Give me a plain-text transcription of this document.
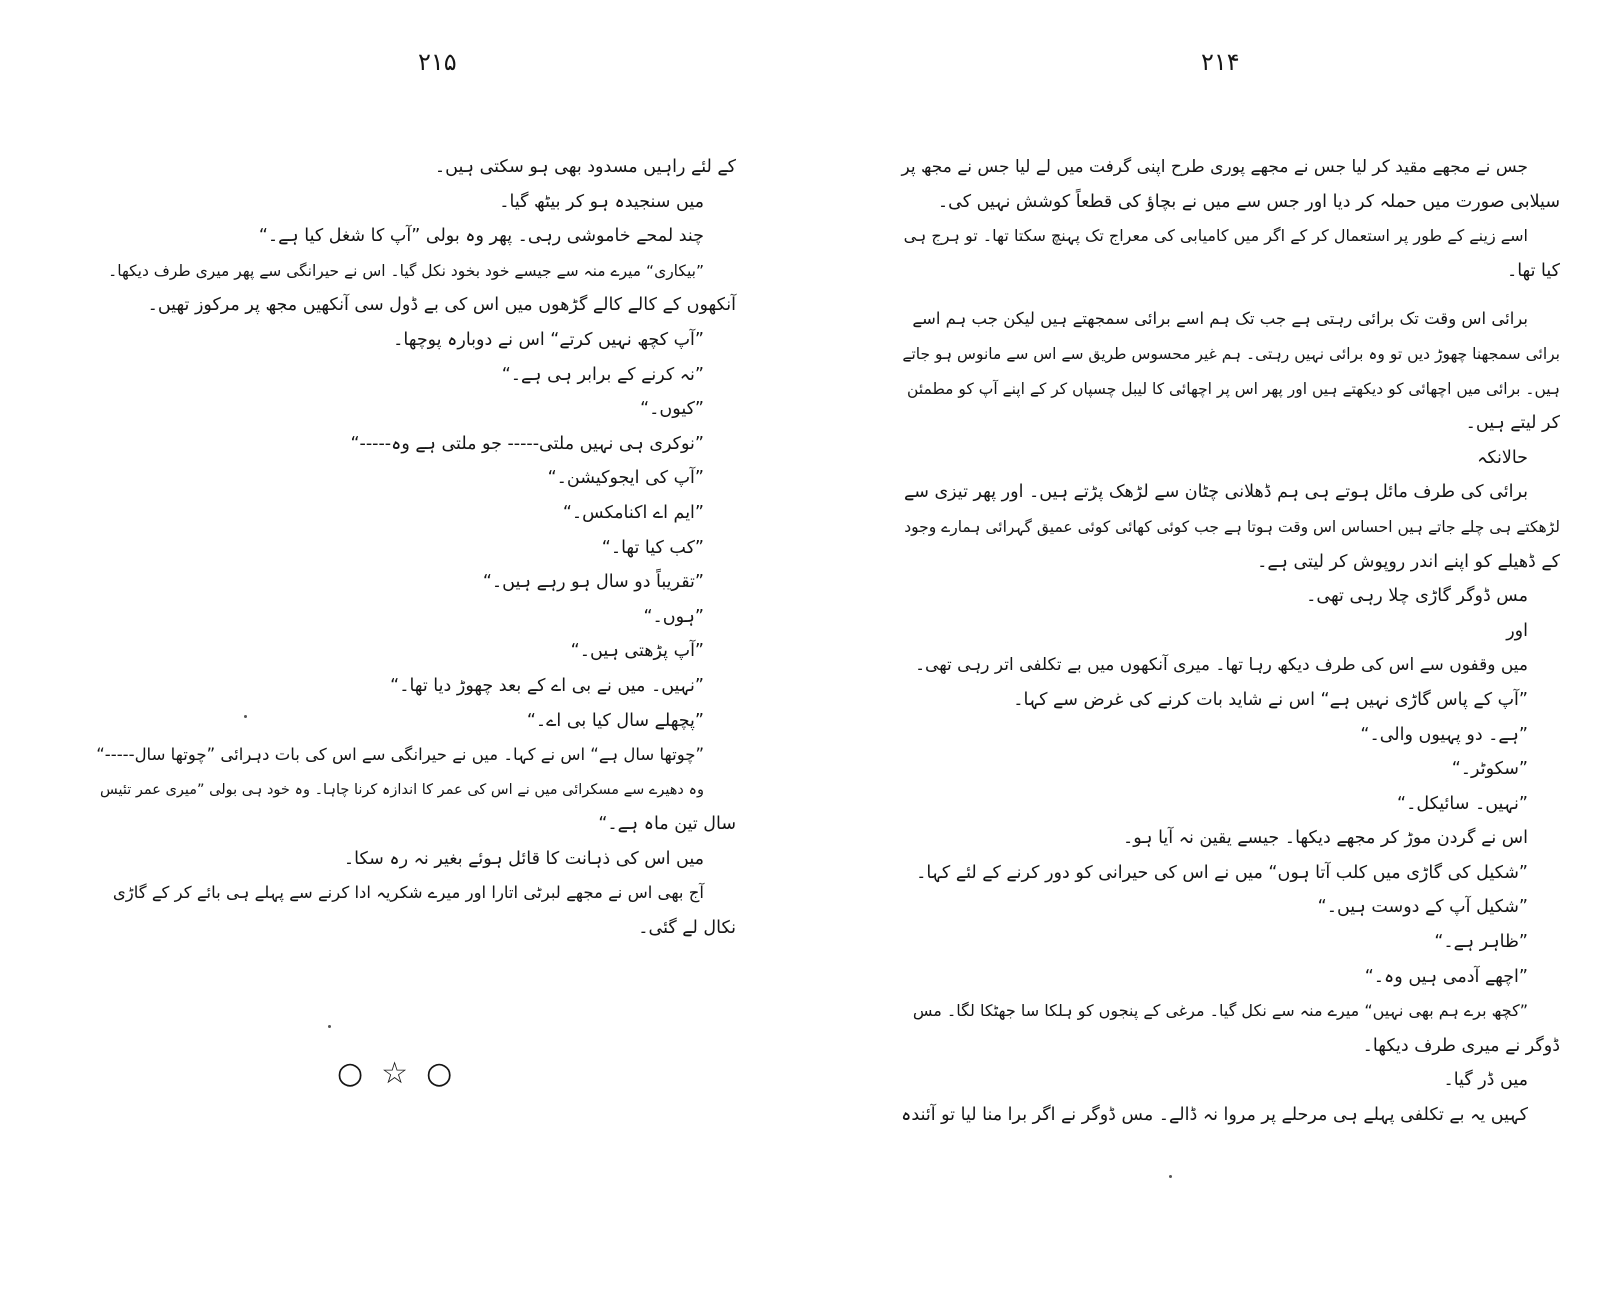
۲۱۵
کے لئے راہیں مسدود بھی ہو سکتی ہیں۔
میں سنجیدہ ہو کر بیٹھ گیا۔
چند لمحے خاموشی رہی۔ پھر وہ بولی ”آپ کا شغل کیا ہے۔“
”بیکاری“ میرے منہ سے جیسے خود بخود نکل گیا۔ اس نے حیرانگی سے پھر میری طرف دیکھا۔
آنکھوں کے کالے کالے گڑھوں میں اس کی بے ڈول سی آنکھیں مجھ پر مرکوز تھیں۔
”آپ کچھ نہیں کرتے“ اس نے دوبارہ پوچھا۔
”نہ کرنے کے برابر ہی ہے۔“
”کیوں۔“
”نوکری ہی نہیں ملتی----- جو ملتی ہے وہ-----“
”آپ کی ایجوکیشن۔“
”ایم اے اکنامکس۔“
”کب کیا تھا۔“
”تقریباً دو سال ہو رہے ہیں۔“
”ہوں۔“
”آپ پڑھتی ہیں۔“
”نہیں۔ میں نے بی اے کے بعد چھوڑ دیا تھا۔“
”پچھلے سال کیا بی اے۔“
”چوتھا سال ہے“ اس نے کہا۔ میں نے حیرانگی سے اس کی بات دہرائی ”چوتھا سال-----“
وہ دھیرے سے مسکرائی میں نے اس کی عمر کا اندازہ کرنا چاہا۔ وہ خود ہی بولی ”میری عمر تئیس
سال تین ماہ ہے۔“
میں اس کی ذہانت کا قائل ہوئے بغیر نہ رہ سکا۔
آج بھی اس نے مجھے لبرٹی اتارا اور میرے شکریہ ادا کرنے سے پہلے ہی بائے کر کے گاڑی
نکال لے گئی۔
○☆○
۲۱۴
جس نے مجھے مقید کر لیا جس نے مجھے پوری طرح اپنی گرفت میں لے لیا جس نے مجھ پر
سیلابی صورت میں حملہ کر دیا اور جس سے میں نے بچاؤ کی قطعاً کوشش نہیں کی۔
اسے زینے کے طور پر استعمال کر کے اگر میں کامیابی کی معراج تک پہنچ سکتا تھا۔ تو ہرج ہی
کیا تھا۔
برائی اس وقت تک برائی رہتی ہے جب تک ہم اسے برائی سمجھتے ہیں لیکن جب ہم اسے
برائی سمجھنا چھوڑ دیں تو وہ برائی نہیں رہتی۔ ہم غیر محسوس طریق سے اس سے مانوس ہو جاتے
ہیں۔ برائی میں اچھائی کو دیکھتے ہیں اور پھر اس پر اچھائی کا لیبل چسپاں کر کے اپنے آپ کو مطمئن
کر لیتے ہیں۔
حالانکہ
برائی کی طرف مائل ہوتے ہی ہم ڈھلانی چٹان سے لڑھک پڑتے ہیں۔ اور پھر تیزی سے
لڑھکتے ہی چلے جاتے ہیں احساس اس وقت ہوتا ہے جب کوئی کھائی کوئی عمیق گہرائی ہمارے وجود
کے ڈھیلے کو اپنے اندر روپوش کر لیتی ہے۔
مس ڈوگر گاڑی چلا رہی تھی۔
اور
میں وقفوں سے اس کی طرف دیکھ رہا تھا۔ میری آنکھوں میں بے تکلفی اتر رہی تھی۔
”آپ کے پاس گاڑی نہیں ہے“ اس نے شاید بات کرنے کی غرض سے کہا۔
”ہے۔ دو پہیوں والی۔“
”سکوٹر۔“
”نہیں۔ سائیکل۔“
اس نے گردن موڑ کر مجھے دیکھا۔ جیسے یقین نہ آیا ہو۔
”شکیل کی گاڑی میں کلب آتا ہوں“ میں نے اس کی حیرانی کو دور کرنے کے لئے کہا۔
”شکیل آپ کے دوست ہیں۔“
”ظاہر ہے۔“
”اچھے آدمی ہیں وہ۔“
”کچھ برے ہم بھی نہیں“ میرے منہ سے نکل گیا۔ مرغی کے پنجوں کو ہلکا سا جھٹکا لگا۔ مس
ڈوگر نے میری طرف دیکھا۔
میں ڈر گیا۔
کہیں یہ بے تکلفی پہلے ہی مرحلے پر مروا نہ ڈالے۔ مس ڈوگر نے اگر برا منا لیا تو آئندہ
